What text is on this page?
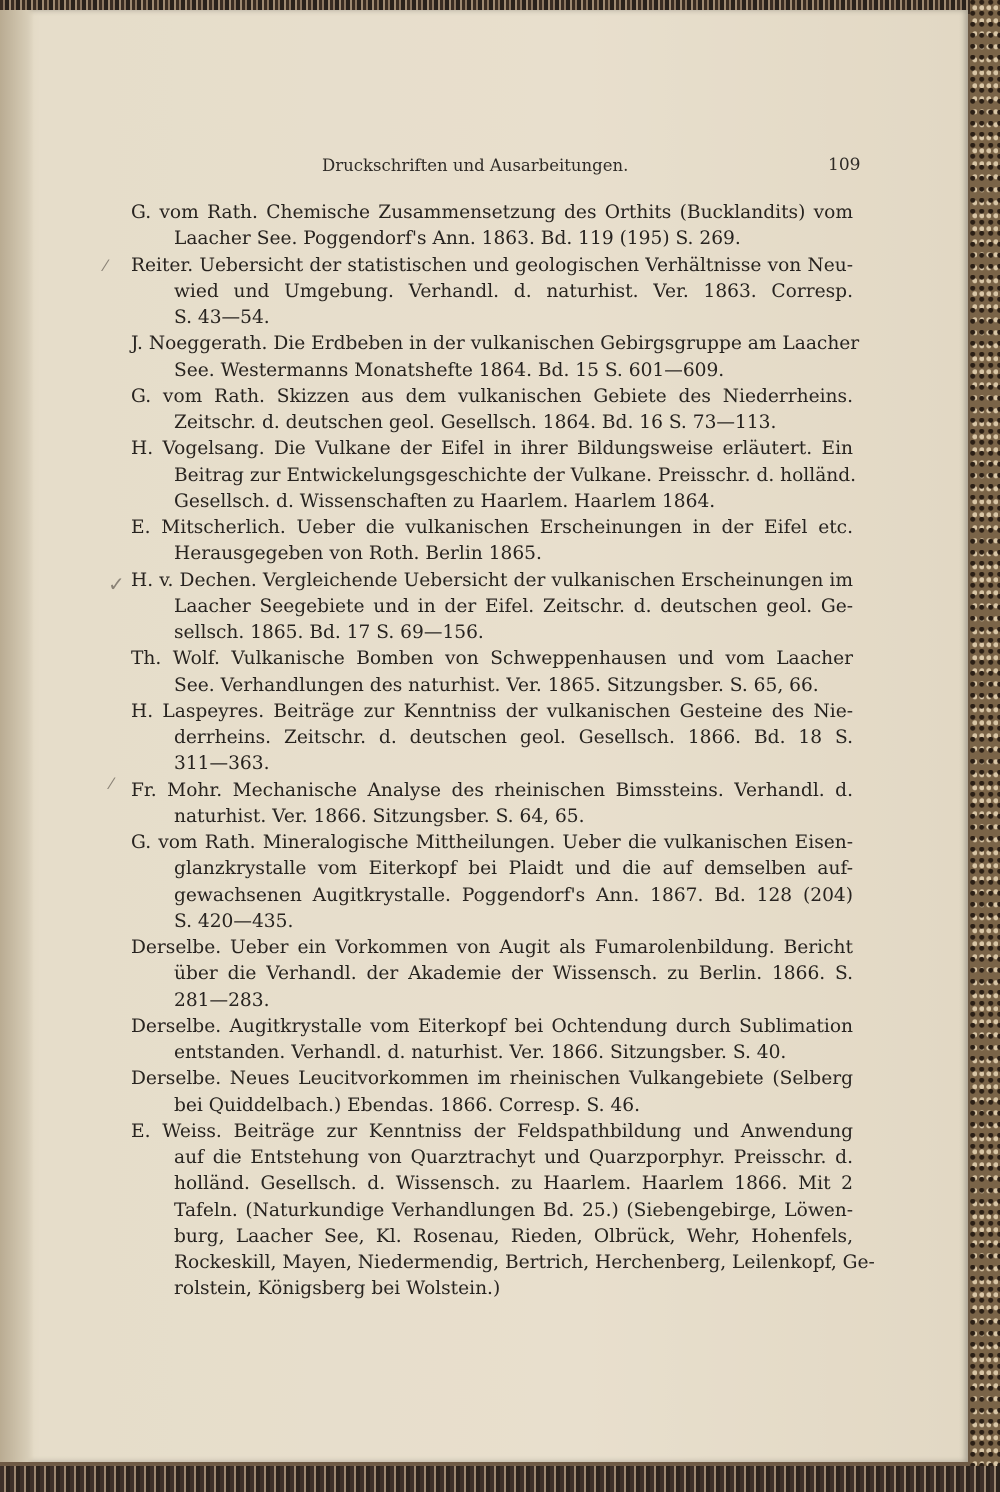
Druckschriften und Ausarbeitungen.	109
⁄
✓
⁄
G. vom Rath. Chemische Zusammensetzung des Orthits (Bucklandits) vom
Laacher See. Poggendorf's Ann. 1863. Bd. 119 (195) S. 269.
Reiter. Uebersicht der statistischen und geologischen Verhältnisse von Neu-
wied und Umgebung. Verhandl. d. naturhist. Ver. 1863. Corresp.
S. 43—54.
J. Noeggerath. Die Erdbeben in der vulkanischen Gebirgsgruppe am Laacher
See. Westermanns Monatshefte 1864. Bd. 15 S. 601—609.
G. vom Rath. Skizzen aus dem vulkanischen Gebiete des Niederrheins.
Zeitschr. d. deutschen geol. Gesellsch. 1864. Bd. 16 S. 73—113.
H. Vogelsang. Die Vulkane der Eifel in ihrer Bildungsweise erläutert. Ein
Beitrag zur Entwickelungsgeschichte der Vulkane. Preisschr. d. holländ.
Gesellsch. d. Wissenschaften zu Haarlem. Haarlem 1864.
E. Mitscherlich. Ueber die vulkanischen Erscheinungen in der Eifel etc.
Herausgegeben von Roth. Berlin 1865.
H. v. Dechen. Vergleichende Uebersicht der vulkanischen Erscheinungen im
Laacher Seegebiete und in der Eifel. Zeitschr. d. deutschen geol. Ge-
sellsch. 1865. Bd. 17 S. 69—156.
Th. Wolf. Vulkanische Bomben von Schweppenhausen und vom Laacher
See. Verhandlungen des naturhist. Ver. 1865. Sitzungsber. S. 65, 66.
H. Laspeyres. Beiträge zur Kenntniss der vulkanischen Gesteine des Nie-
derrheins. Zeitschr. d. deutschen geol. Gesellsch. 1866. Bd. 18 S.
311—363.
Fr. Mohr. Mechanische Analyse des rheinischen Bimssteins. Verhandl. d.
naturhist. Ver. 1866. Sitzungsber. S. 64, 65.
G. vom Rath. Mineralogische Mittheilungen. Ueber die vulkanischen Eisen-
glanzkrystalle vom Eiterkopf bei Plaidt und die auf demselben auf-
gewachsenen Augitkrystalle. Poggendorf's Ann. 1867. Bd. 128 (204)
S. 420—435.
Derselbe. Ueber ein Vorkommen von Augit als Fumarolenbildung. Bericht
über die Verhandl. der Akademie der Wissensch. zu Berlin. 1866. S.
281—283.
Derselbe. Augitkrystalle vom Eiterkopf bei Ochtendung durch Sublimation
entstanden. Verhandl. d. naturhist. Ver. 1866. Sitzungsber. S. 40.
Derselbe. Neues Leucitvorkommen im rheinischen Vulkangebiete (Selberg
bei Quiddelbach.) Ebendas. 1866. Corresp. S. 46.
E. Weiss. Beiträge zur Kenntniss der Feldspathbildung und Anwendung
auf die Entstehung von Quarztrachyt und Quarzporphyr. Preisschr. d.
holländ. Gesellsch. d. Wissensch. zu Haarlem. Haarlem 1866. Mit 2
Tafeln. (Naturkundige Verhandlungen Bd. 25.) (Siebengebirge, Löwen-
burg, Laacher See, Kl. Rosenau, Rieden, Olbrück, Wehr, Hohenfels,
Rockeskill, Mayen, Niedermendig, Bertrich, Herchenberg, Leilenkopf, Ge-
rolstein, Königsberg bei Wolstein.)
